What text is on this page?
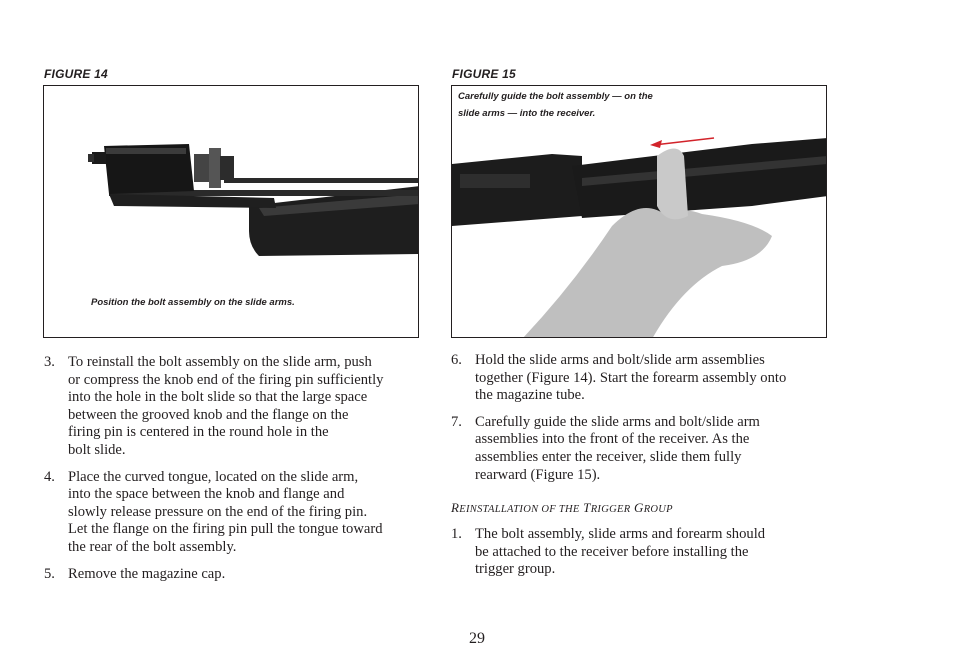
FIGURE 14
Position the bolt assembly on the slide arms.
FIGURE 15
Carefully guide the bolt assembly — on the
slide arms — into the receiver.
3. To reinstall the bolt assembly on the slide arm, push
or compress the knob end of the firing pin sufficiently
into the hole in the bolt slide so that the large space
between the grooved knob and the flange on the
firing pin is centered in the round hole in the
bolt slide.
4. Place the curved tongue, located on the slide arm,
into the space between the knob and flange and
slowly release pressure on the end of the firing pin.
Let the flange on the firing pin pull the tongue toward
the rear of the bolt assembly.
5. Remove the magazine cap.
6. Hold the slide arms and bolt/slide arm assemblies
together (Figure 14). Start the forearm assembly onto
the magazine tube.
7. Carefully guide the slide arms and bolt/slide arm
assemblies into the front of the receiver. As the
assemblies enter the receiver, slide them fully
rearward (Figure 15).
REINSTALLATION OF THE TRIGGER GROUP
1. The bolt assembly, slide arms and forearm should
be attached to the receiver before installing the
trigger group.
29
